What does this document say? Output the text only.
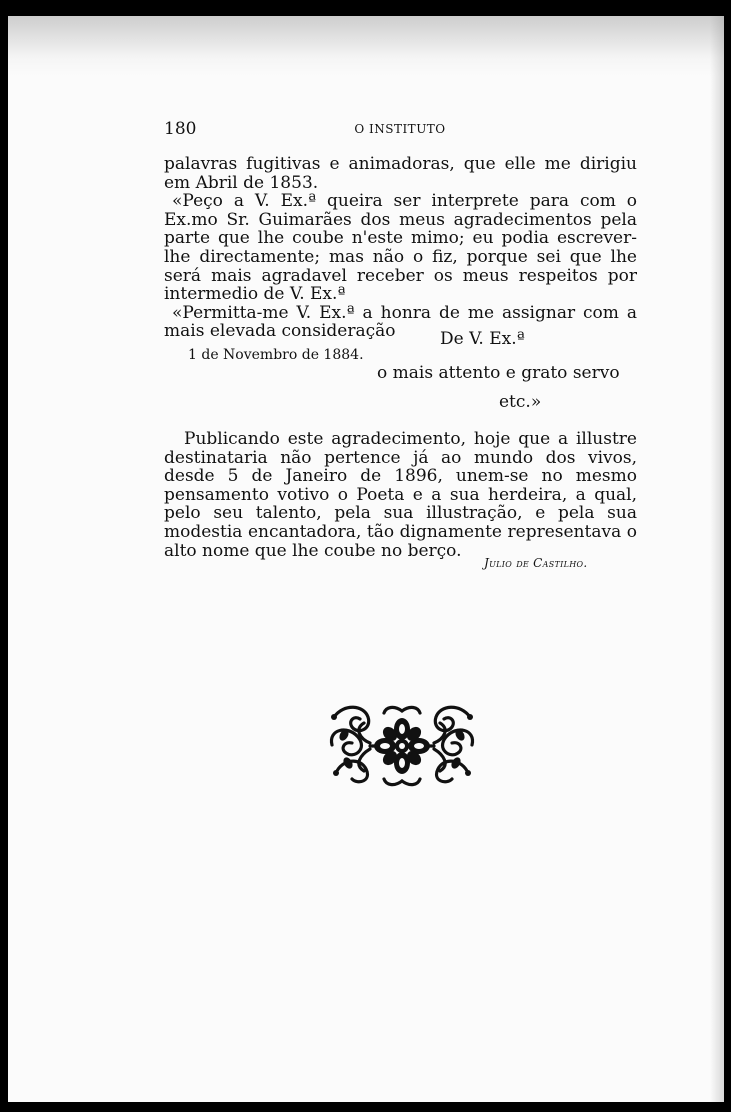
180	O INSTITUTO

palavras fugitivas e animadoras, que elle me dirigiu em Abril de 1853.

«Peço a V. Ex.ª queira ser interprete para com o Ex.mo Sr. Guimarães dos meus agradecimentos pela parte que lhe coube n'este mimo; eu podia escrever-lhe directamente; mas não o fiz, porque sei que lhe será mais agradavel receber os meus respeitos por intermedio de V. Ex.ª

«Permitta-me V. Ex.ª a honra de me assignar com a mais elevada consideração	De V. Ex.ª
1 de Novembro de 1884.
o mais attento e grato servo
etc.»

Publicando este agradecimento, hoje que a illustre destinataria não pertence já ao mundo dos vivos, desde 5 de Janeiro de 1896, unem-se no mesmo pensamento votivo o Poeta e a sua herdeira, a qual, pelo seu talento, pela sua illustração, e pela sua modestia encantadora, tão dignamente representava o alto nome que lhe coube no berço.

Julio de Castilho.
